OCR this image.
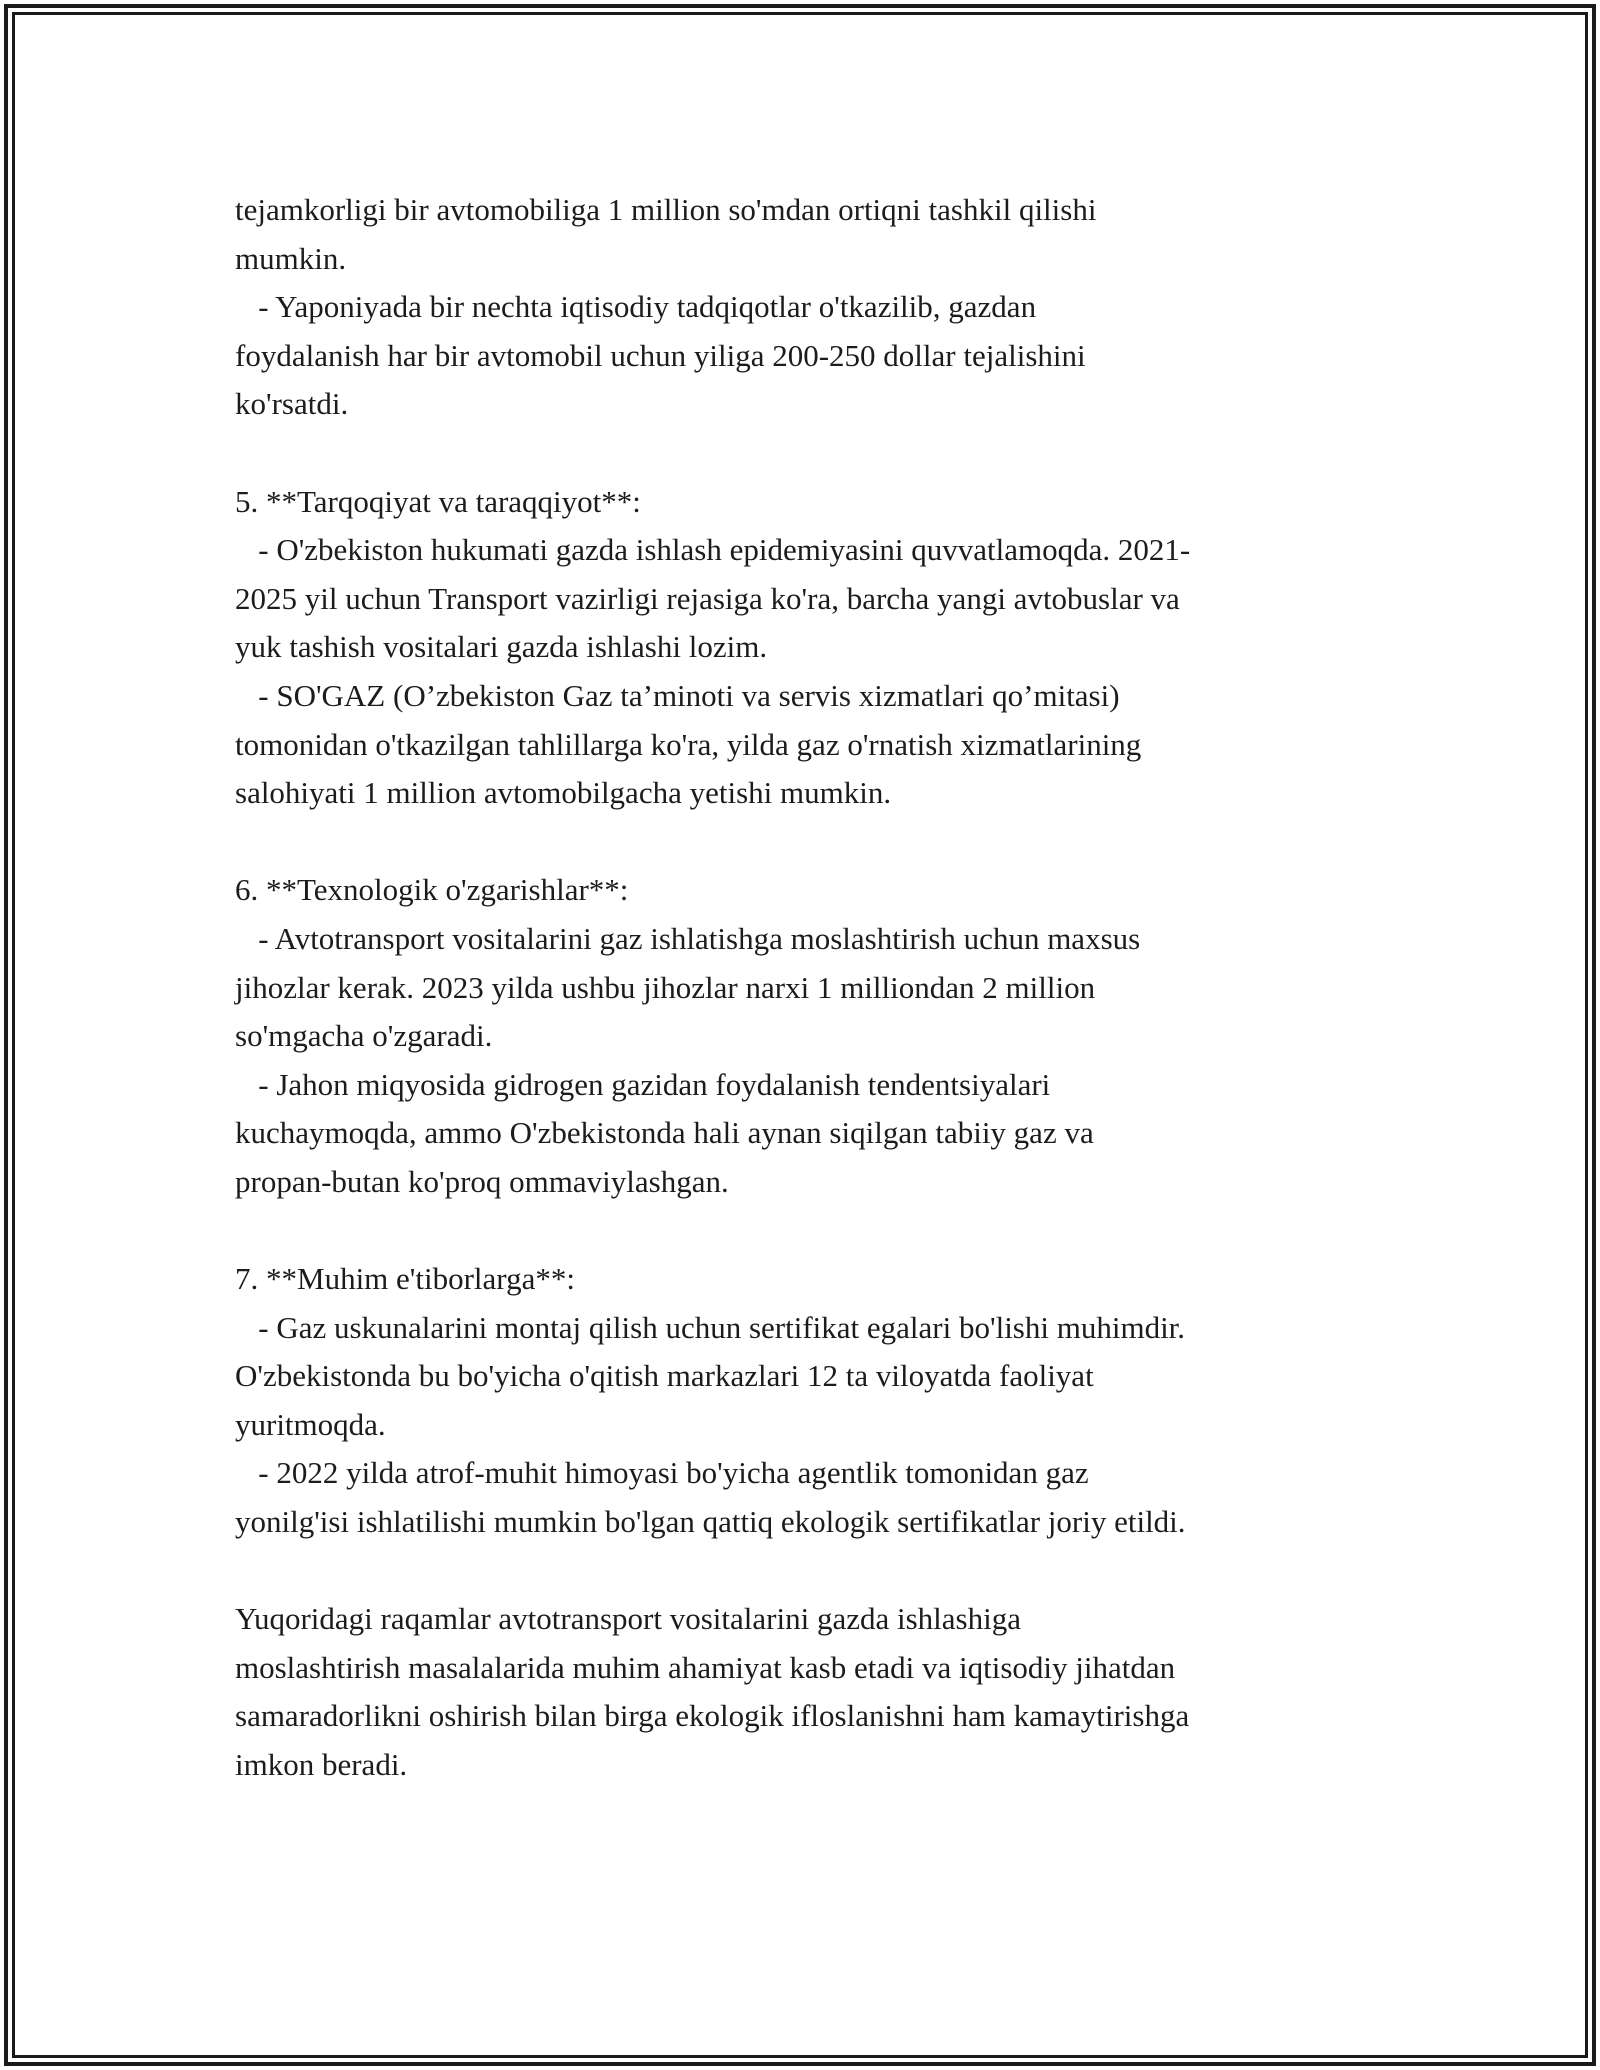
tejamkorligi bir avtomobiliga 1 million so'mdan ortiqni tashkil qilishi
mumkin.
- Yaponiyada bir nechta iqtisodiy tadqiqotlar o'tkazilib, gazdan
foydalanish har bir avtomobil uchun yiliga 200-250 dollar tejalishini
ko'rsatdi.
5. **Tarqoqiyat va taraqqiyot**:
- O'zbekiston hukumati gazda ishlash epidemiyasini quvvatlamoqda. 2021-
2025 yil uchun Transport vazirligi rejasiga ko'ra, barcha yangi avtobuslar va
yuk tashish vositalari gazda ishlashi lozim.
- SO'GAZ (O’zbekiston Gaz ta’minoti va servis xizmatlari qo’mitasi)
tomonidan o'tkazilgan tahlillarga ko'ra, yilda gaz o'rnatish xizmatlarining
salohiyati 1 million avtomobilgacha yetishi mumkin.
6. **Texnologik o'zgarishlar**:
- Avtotransport vositalarini gaz ishlatishga moslashtirish uchun maxsus
jihozlar kerak. 2023 yilda ushbu jihozlar narxi 1 milliondan 2 million
so'mgacha o'zgaradi.
- Jahon miqyosida gidrogen gazidan foydalanish tendentsiyalari
kuchaymoqda, ammo O'zbekistonda hali aynan siqilgan tabiiy gaz va
propan-butan ko'proq ommaviylashgan.
7. **Muhim e'tiborlarga**:
- Gaz uskunalarini montaj qilish uchun sertifikat egalari bo'lishi muhimdir.
O'zbekistonda bu bo'yicha o'qitish markazlari 12 ta viloyatda faoliyat
yuritmoqda.
- 2022 yilda atrof-muhit himoyasi bo'yicha agentlik tomonidan gaz
yonilg'isi ishlatilishi mumkin bo'lgan qattiq ekologik sertifikatlar joriy etildi.
Yuqoridagi raqamlar avtotransport vositalarini gazda ishlashiga
moslashtirish masalalarida muhim ahamiyat kasb etadi va iqtisodiy jihatdan
samaradorlikni oshirish bilan birga ekologik ifloslanishni ham kamaytirishga
imkon beradi.
